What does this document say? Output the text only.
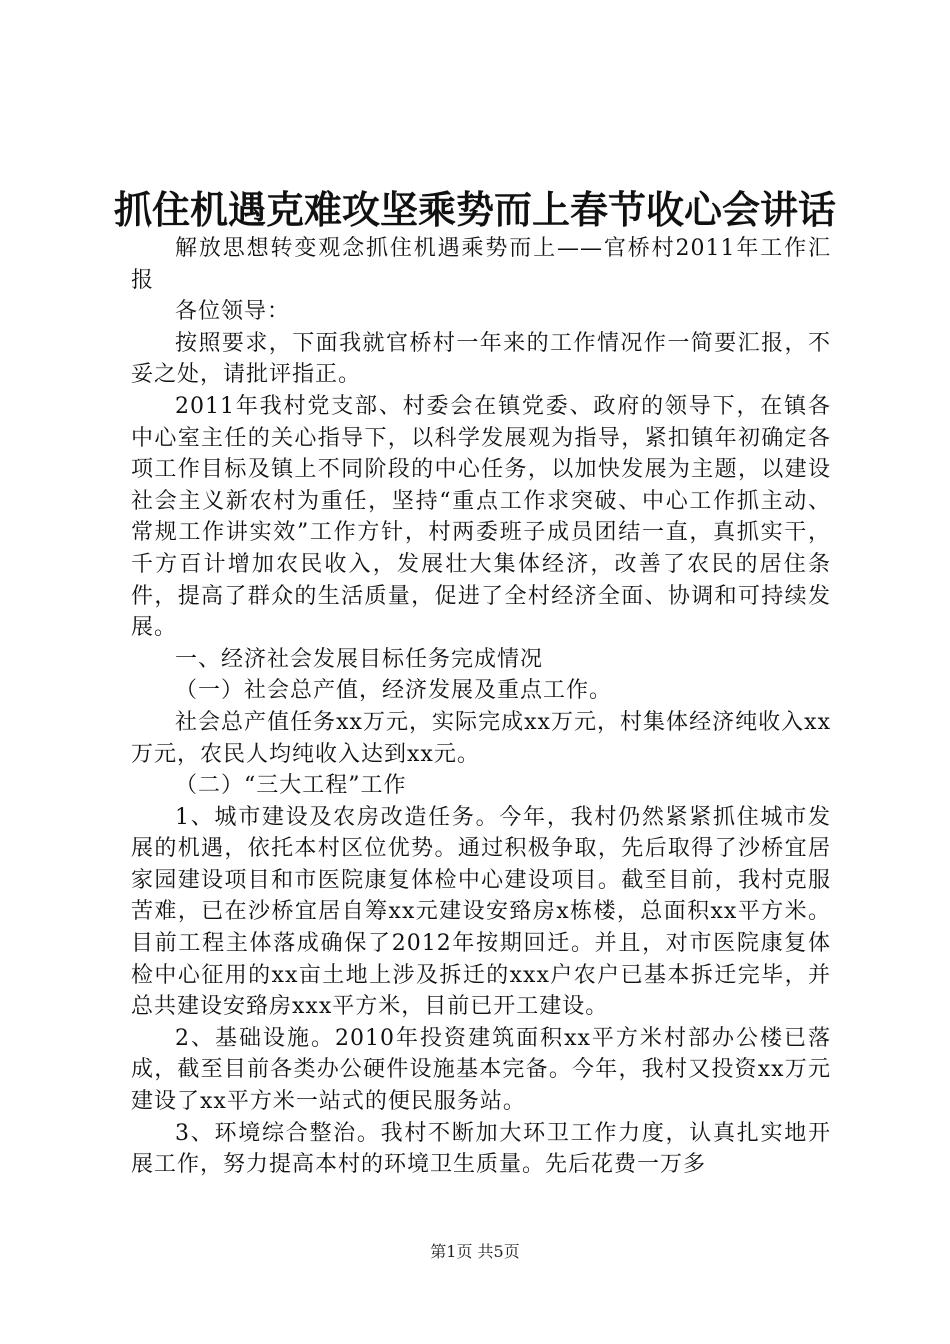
抓住机遇克难攻坚乘势而上春节收心会讲话

解放思想转变观念抓住机遇乘势而上——官桥村2011年工作汇报

各位领导：

按照要求，下面我就官桥村一年来的工作情况作一简要汇报，不妥之处，请批评指正。

2011年我村党支部、村委会在镇党委、政府的领导下，在镇各中心室主任的关心指导下，以科学发展观为指导，紧扣镇年初确定各项工作目标及镇上不同阶段的中心任务，以加快发展为主题，以建设社会主义新农村为重任，坚持“重点工作求突破、中心工作抓主动、常规工作讲实效”工作方针，村两委班子成员团结一直，真抓实干，千方百计增加农民收入，发展壮大集体经济，改善了农民的居住条件，提高了群众的生活质量，促进了全村经济全面、协调和可持续发展。

一、经济社会发展目标任务完成情况

（一）社会总产值，经济发展及重点工作。

社会总产值任务xx万元，实际完成xx万元，村集体经济纯收入xx万元，农民人均纯收入达到xx元。

（二）“三大工程”工作

1、城市建设及农房改造任务。今年，我村仍然紧紧抓住城市发展的机遇，依托本村区位优势。通过积极争取，先后取得了沙桥宜居家园建设项目和市医院康复体检中心建设项目。截至目前，我村克服苦难，已在沙桥宜居自筹xx元建设安臵房x栋楼，总面积xx平方米。目前工程主体落成确保了2012年按期回迁。并且，对市医院康复体检中心征用的xx亩土地上涉及拆迁的xxx户农户已基本拆迁完毕，并总共建设安臵房xxx平方米，目前已开工建设。

2、基础设施。2010年投资建筑面积xx平方米村部办公楼已落成，截至目前各类办公硬件设施基本完备。今年，我村又投资xx万元建设了xx平方米一站式的便民服务站。

3、环境综合整治。我村不断加大环卫工作力度，认真扎实地开展工作，努力提高本村的环境卫生质量。先后花费一万多

第1页 共5页
